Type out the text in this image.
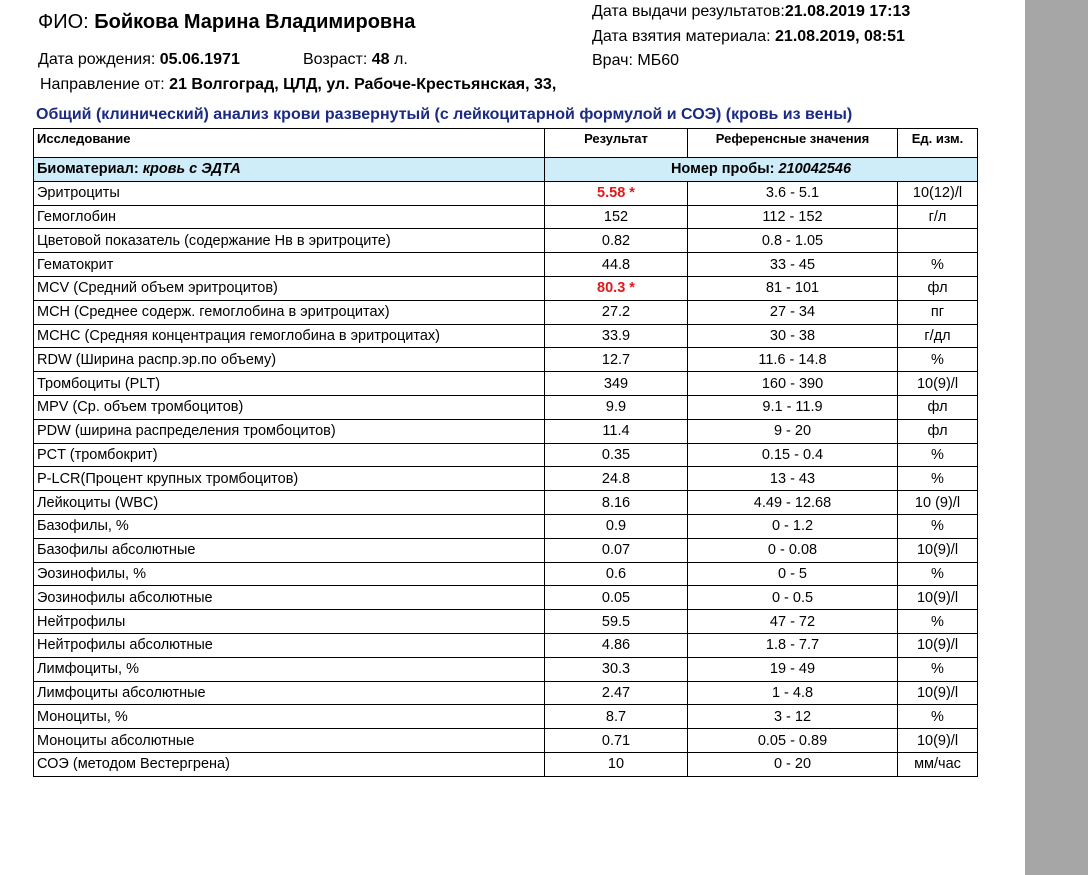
ФИО: Бойкова Марина Владимировна
Дата рождения: 05.06.1971	Возраст: 48 л.
Направление от: 21 Волгоград, ЦЛД, ул. Рабоче-Крестьянская, 33,
Дата выдачи результатов:21.08.2019 17:13
Дата взятия материала: 21.08.2019, 08:51
Врач: МБ60
Общий (клинический) анализ крови развернутый (с лейкоцитарной формулой и СОЭ) (кровь из вены)
Исследование	Результат	Референсные значения	Ед. изм.
Биоматериал: кровь с ЭДТА	Номер пробы: 210042546		
Эритроциты	5.58 *	3.6 - 5.1	10(12)/l
Гемоглобин	152	112 - 152	г/л
Цветовой показатель (содержание Нв в эритроците)	0.82	0.8 - 1.05	
Гематокрит	44.8	33 - 45	%
MCV (Средний объем эритроцитов)	80.3 *	81 - 101	фл
MCH (Среднее содерж. гемоглобина в эритроцитах)	27.2	27 - 34	пг
MCHC (Средняя концентрация гемоглобина в эритроцитах)	33.9	30 - 38	г/дл
RDW (Ширина распр.эр.по объему)	12.7	11.6 - 14.8	%
Тромбоциты (PLT)	349	160 - 390	10(9)/l
MPV (Ср. объем тромбоцитов)	9.9	9.1 - 11.9	фл
PDW (ширина распределения тромбоцитов)	11.4	9 - 20	фл
PCT (тромбокрит)	0.35	0.15 - 0.4	%
P-LCR(Процент крупных тромбоцитов)	24.8	13 - 43	%
Лейкоциты (WBC)	8.16	4.49 - 12.68	10 (9)/l
Базофилы, %	0.9	0 - 1.2	%
Базофилы абсолютные	0.07	0 - 0.08	10(9)/l
Эозинофилы, %	0.6	0 - 5	%
Эозинофилы абсолютные	0.05	0 - 0.5	10(9)/l
Нейтрофилы	59.5	47 - 72	%
Нейтрофилы абсолютные	4.86	1.8 - 7.7	10(9)/l
Лимфоциты, %	30.3	19 - 49	%
Лимфоциты абсолютные	2.47	1 - 4.8	10(9)/l
Моноциты, %	8.7	3 - 12	%
Моноциты абсолютные	0.71	0.05 - 0.89	10(9)/l
СОЭ (методом Вестергрена)	10	0 - 20	мм/час
